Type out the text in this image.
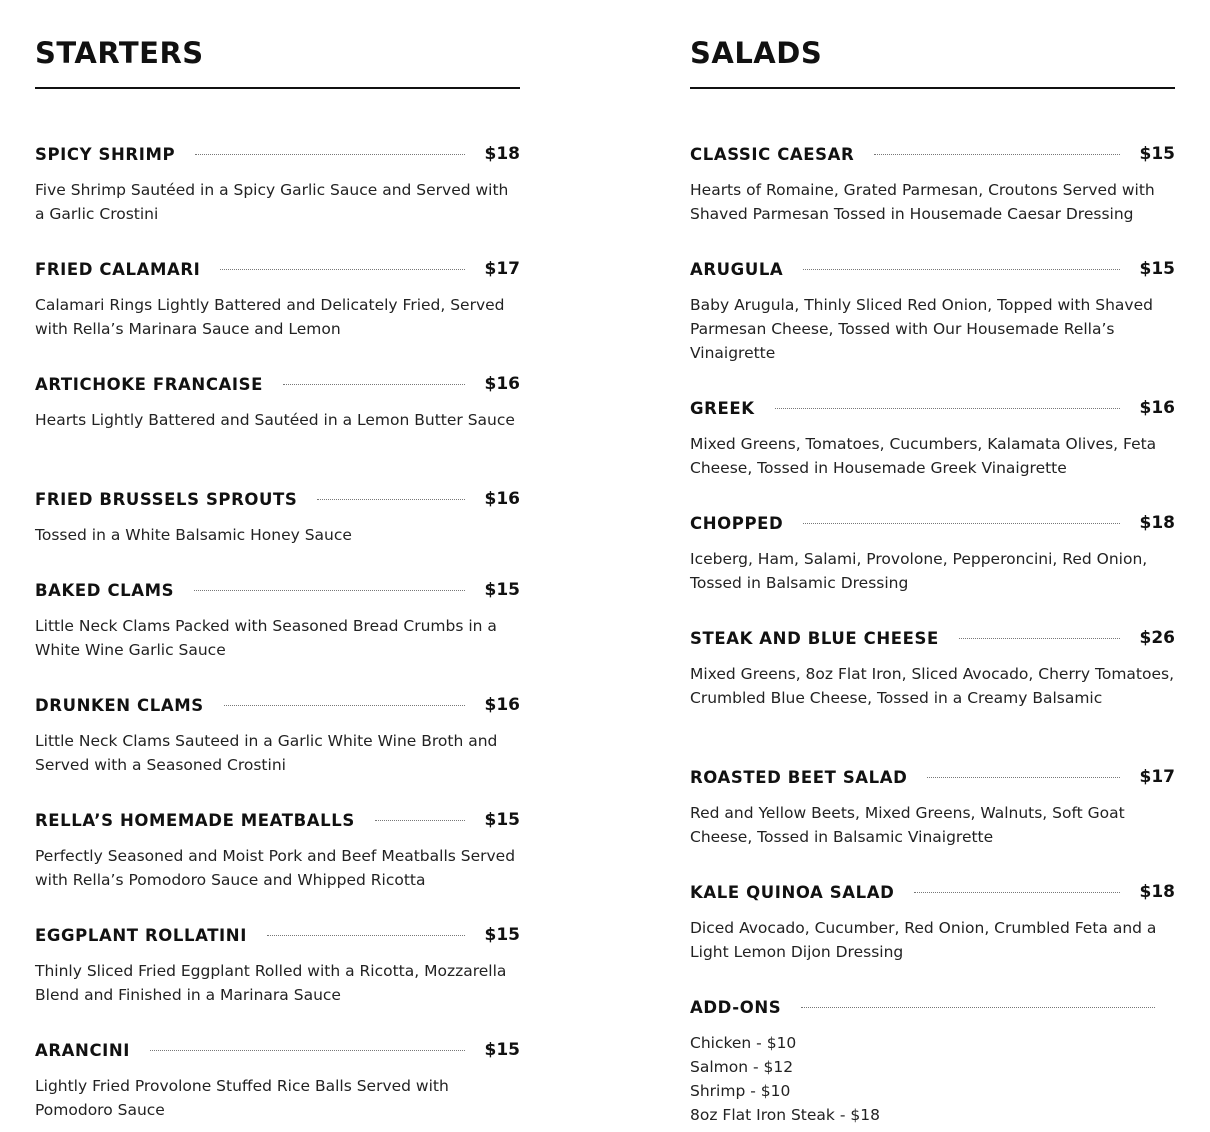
STARTERS
SPICY SHRIMP	$18
Five Shrimp Sautéed in a Spicy Garlic Sauce and Served with a Garlic Crostini
FRIED CALAMARI	$17
Calamari Rings Lightly Battered and Delicately Fried, Served with Rella’s Marinara Sauce and Lemon
ARTICHOKE FRANCAISE	$16
Hearts Lightly Battered and Sautéed in a Lemon Butter Sauce
FRIED BRUSSELS SPROUTS	$16
Tossed in a White Balsamic Honey Sauce
BAKED CLAMS	$15
Little Neck Clams Packed with Seasoned Bread Crumbs in a White Wine Garlic Sauce
DRUNKEN CLAMS	$16
Little Neck Clams Sauteed in a Garlic White Wine Broth and Served with a Seasoned Crostini
RELLA’S HOMEMADE MEATBALLS	$15
Perfectly Seasoned and Moist Pork and Beef Meatballs Served with Rella’s Pomodoro Sauce and Whipped Ricotta
EGGPLANT ROLLATINI	$15
Thinly Sliced Fried Eggplant Rolled with a Ricotta, Mozzarella Blend and Finished in a Marinara Sauce
ARANCINI	$15
Lightly Fried Provolone Stuffed Rice Balls Served with Pomodoro Sauce
SALADS
CLASSIC CAESAR	$15
Hearts of Romaine, Grated Parmesan, Croutons Served with Shaved Parmesan Tossed in Housemade Caesar Dressing
ARUGULA	$15
Baby Arugula, Thinly Sliced Red Onion, Topped with Shaved Parmesan Cheese, Tossed with Our Housemade Rella’s Vinaigrette
GREEK	$16
Mixed Greens, Tomatoes, Cucumbers, Kalamata Olives, Feta Cheese, Tossed in Housemade Greek Vinaigrette
CHOPPED	$18
Iceberg, Ham, Salami, Provolone, Pepperoncini, Red Onion, Tossed in Balsamic Dressing
STEAK AND BLUE CHEESE	$26
Mixed Greens, 8oz Flat Iron, Sliced Avocado, Cherry Tomatoes, Crumbled Blue Cheese, Tossed in a Creamy Balsamic
ROASTED BEET SALAD	$17
Red and Yellow Beets, Mixed Greens, Walnuts, Soft Goat Cheese, Tossed in Balsamic Vinaigrette
KALE QUINOA SALAD	$18
Diced Avocado, Cucumber, Red Onion, Crumbled Feta and a Light Lemon Dijon Dressing
ADD-ONS
Chicken - $10
Salmon - $12
Shrimp - $10
8oz Flat Iron Steak - $18
